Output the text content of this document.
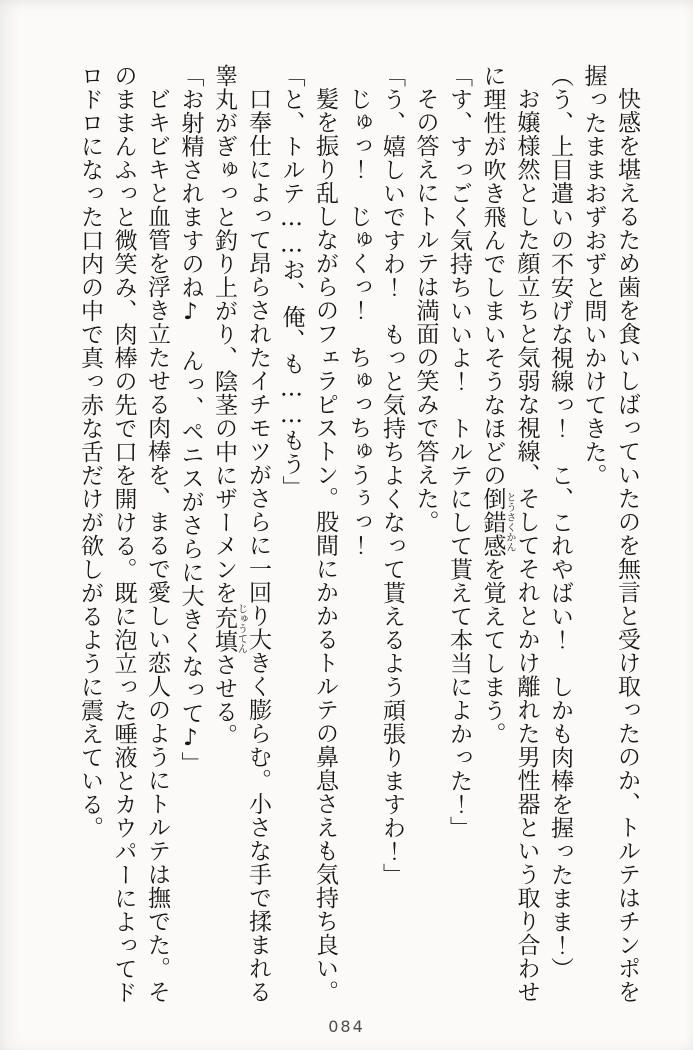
快感を堪えるため歯を食いしばっていたのを無言と受け取ったのか、トルテはチンポを握ったままおずおずと問いかけてきた。

（う、上目遣いの不安げな視線っ！　こ、これやばい！　しかも肉棒を握ったまま！）

お嬢様然とした顔立ちと気弱な視線、そしてそれとかけ離れた男性器という取り合わせに理性が吹き飛んでしまいそうなほどの倒錯感とうさくかんを覚えてしまう。

「す、すっごく気持ちいいよ！　トルテにして貰えて本当によかった！」

その答えにトルテは満面の笑みで答えた。

「う、嬉しいですわ！　もっと気持ちよくなって貰えるよう頑張りますわ！」

じゅっ！　じゅくっ！　ちゅっちゅうぅっ！

髪を振り乱しながらのフェラピストン。股間にかかるトルテの鼻息さえも気持ち良い。

「と、トルテ……お、俺、も……もう」

口奉仕によって昂らされたイチモツがさらに一回り大きく膨らむ。小さな手で揉まれる睾丸がぎゅっと釣り上がり、陰茎の中にザーメンを充填じゅうてんさせる。

「お射精されますのね♪　んっ、ペニスがさらに大きくなって♪」

ビキビキと血管を浮き立たせる肉棒を、まるで愛しい恋人のようにトルテは撫でた。そのままんふっと微笑み、肉棒の先で口を開ける。既に泡立った唾液とカウパーによってドロドロになった口内の中で真っ赤な舌だけが欲しがるように震えている。

084
